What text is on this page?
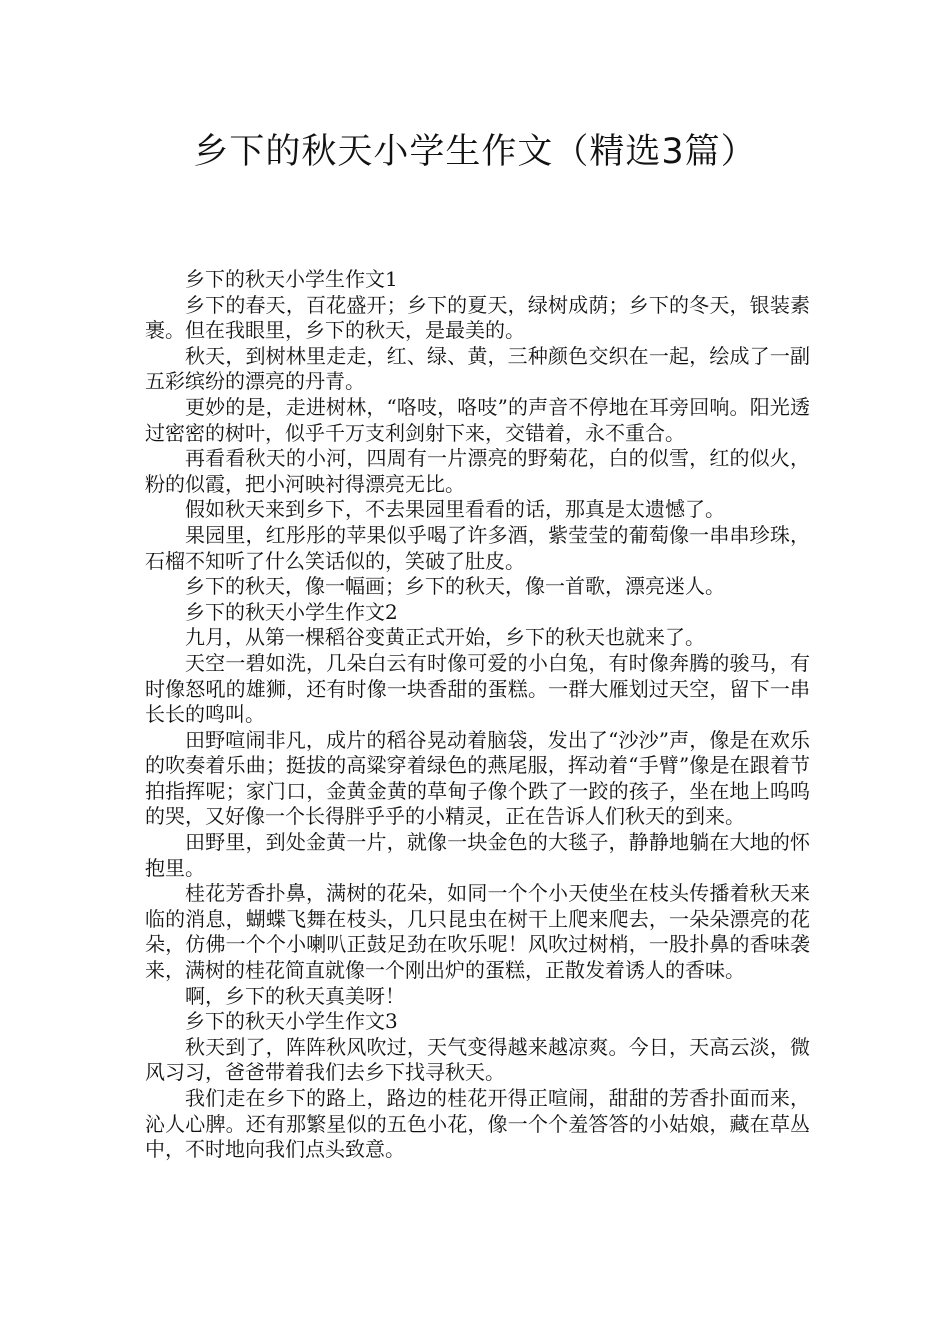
乡下的秋天小学生作文（精选3篇）

乡下的秋天小学生作文1

乡下的春天，百花盛开；乡下的夏天，绿树成荫；乡下的冬天，银装素裹。但在我眼里，乡下的秋天，是最美的。

秋天，到树林里走走，红、绿、黄，三种颜色交织在一起，绘成了一副五彩缤纷的漂亮的丹青。

更妙的是，走进树林，“咯吱，咯吱”的声音不停地在耳旁回响。阳光透过密密的树叶，似乎千万支利剑射下来，交错着，永不重合。

再看看秋天的小河，四周有一片漂亮的野菊花，白的似雪，红的似火，粉的似霞，把小河映衬得漂亮无比。

假如秋天来到乡下，不去果园里看看的话，那真是太遗憾了。

果园里，红彤彤的苹果似乎喝了许多酒，紫莹莹的葡萄像一串串珍珠，石榴不知听了什么笑话似的，笑破了肚皮。

乡下的秋天，像一幅画；乡下的秋天，像一首歌，漂亮迷人。

乡下的秋天小学生作文2

九月，从第一棵稻谷变黄正式开始，乡下的秋天也就来了。

天空一碧如洗，几朵白云有时像可爱的小白兔，有时像奔腾的骏马，有时像怒吼的雄狮，还有时像一块香甜的蛋糕。一群大雁划过天空，留下一串长长的鸣叫。

田野喧闹非凡，成片的稻谷晃动着脑袋，发出了“沙沙”声，像是在欢乐的吹奏着乐曲；挺拔的高粱穿着绿色的燕尾服，挥动着“手臂”像是在跟着节拍指挥呢；家门口，金黄金黄的草甸子像个跌了一跤的孩子，坐在地上呜呜的哭，又好像一个长得胖乎乎的小精灵，正在告诉人们秋天的到来。

田野里，到处金黄一片，就像一块金色的大毯子，静静地躺在大地的怀抱里。

桂花芳香扑鼻，满树的花朵，如同一个个小天使坐在枝头传播着秋天来临的消息，蝴蝶飞舞在枝头，几只昆虫在树干上爬来爬去，一朵朵漂亮的花朵，仿佛一个个小喇叭正鼓足劲在吹乐呢！风吹过树梢，一股扑鼻的香味袭来，满树的桂花简直就像一个刚出炉的蛋糕，正散发着诱人的香味。

啊，乡下的秋天真美呀！

乡下的秋天小学生作文3

秋天到了，阵阵秋风吹过，天气变得越来越凉爽。今日，天高云淡，微风习习，爸爸带着我们去乡下找寻秋天。

我们走在乡下的路上，路边的桂花开得正喧闹，甜甜的芳香扑面而来，沁人心脾。还有那繁星似的五色小花，像一个个羞答答的小姑娘，藏在草丛中，不时地向我们点头致意。
